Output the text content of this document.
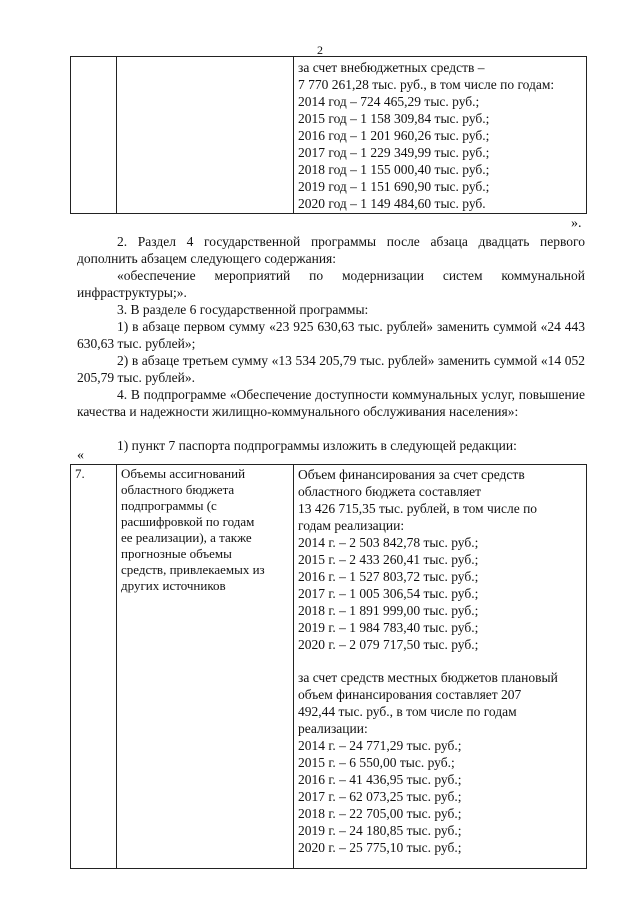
2

за счет внебюджетных средств –
7 770 261,28 тыс. руб., в том числе по годам:
2014 год – 724 465,29 тыс. руб.;
2015 год – 1 158 309,84 тыс. руб.;
2016 год – 1 201 960,26 тыс. руб.;
2017 год – 1 229 349,99 тыс. руб.;
2018 год – 1 155 000,40 тыс. руб.;
2019 год – 1 151 690,90 тыс. руб.;
2020 год – 1 149 484,60 тыс. руб.
».

2. Раздел 4 государственной программы после абзаца двадцать первого дополнить абзацем следующего содержания:

«обеспечение мероприятий по модернизации систем коммунальной инфраструктуры;».

3. В разделе 6 государственной программы:

1) в абзаце первом сумму «23 925 630,63 тыс. рублей» заменить суммой «24 443 630,63 тыс. рублей»;

2) в абзаце третьем сумму «13 534 205,79 тыс. рублей» заменить суммой «14 052 205,79 тыс. рублей».

4. В подпрограмме «Обеспечение доступности коммунальных услуг, повышение качества и надежности жилищно-коммунального обслуживания населения»:

1) пункт 7 паспорта подпрограммы изложить в следующей редакции:

«
7.	Объемы ассигнований
областного бюджета
подпрограммы (с
расшифровкой по годам
ее реализации), а также
прогнозные объемы
средств, привлекаемых из
других источников

Объем финансирования за счет средств
областного бюджета составляет
13 426 715,35 тыс. рублей, в том числе по
годам реализации:
2014 г. – 2 503 842,78 тыс. руб.;
2015 г. – 2 433 260,41 тыс. руб.;
2016 г. – 1 527 803,72 тыс. руб.;
2017 г. – 1 005 306,54 тыс. руб.;
2018 г. – 1 891 999,00 тыс. руб.;
2019 г. – 1 984 783,40 тыс. руб.;
2020 г. – 2 079 717,50 тыс. руб.;
за счет средств местных бюджетов плановый
объем финансирования составляет 207
492,44 тыс. руб., в том числе по годам
реализации:
2014 г. – 24 771,29 тыс. руб.;
2015 г. – 6 550,00 тыс. руб.;
2016 г. – 41 436,95 тыс. руб.;
2017 г. – 62 073,25 тыс. руб.;
2018 г. – 22 705,00 тыс. руб.;
2019 г. – 24 180,85 тыс. руб.;
2020 г. – 25 775,10 тыс. руб.;
